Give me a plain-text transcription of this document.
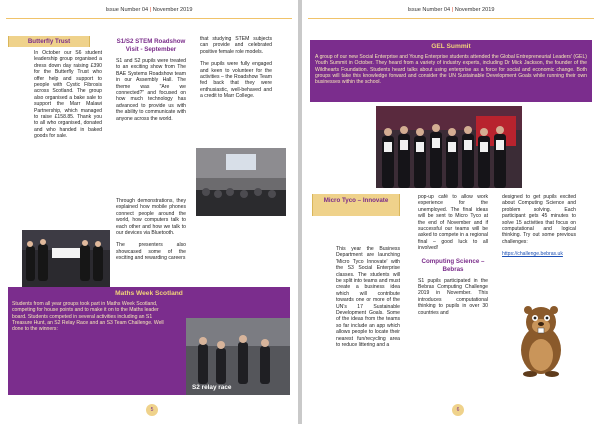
Issue Number 04 | November 2019
Butterfly Trust

In October our S6 student leadership group organised a dress down day raising £390 for the Butterfly Trust who offer help and support to people with Cystic Fibrosis across Scotland. The group also organised a bake sale to support the Marr Malawi Partnership, which managed to raise £158.85. Thank you to all who organised, donated and who handed in baked goods for sale.

S1/S2 STEM Roadshow Visit - September

S1 and S2 pupils were treated to an exciting show from The BAE Systems Roadshow team in our Assembly Hall. The theme was "Are we connected?" and focused on how much technology has advanced to provide us with the ability to communicate with anyone across the world.

Through demonstrations, they explained how mobile phones connect people around the world, how computers talk to each other and how we talk to our devices via Bluetooth.

The presenters also showcased some of the exciting and rewarding careers

that studying STEM subjects can provide and celebrated positive female role models.

The pupils were fully engaged and keen to volunteer for the activities – the Roadshow Team fed back that they were enthusiastic, well-behaved and a credit to Marr College.

Maths Week Scotland
Students from all year groups took part in Maths Week Scotland, competing for house points and to make it on to the Maths leader board. Students competed in several activities including an S1 Treasure Hunt, an S2 Relay Race and an S3 Team Challenge. Well done to the winners:
S2 relay race
5
Issue Number 04 | November 2019
GEL Summit
A group of our new Social Enterprise and Young Enterprise students attended the Global Entrepreneurial Leaders' (GEL) Youth Summit in October. They heard from a variety of industry experts, including Dr Mick Jackson, the founder of the Wildhearts Foundation. Students heard talks about using enterprise as a force for social and economic change. Both groups will take this knowledge forward and consider the UN Sustainable Development Goals while running their own businesses within the school.
Micro Tyco – Innovate

This year the Business Department are launching 'Micro Tyco Innovate' with the S3 Social Enterprise classes. The students will be split into teams and must create a business idea which will contribute towards one or more of the UN's 17 Sustainable Development Goals. Some of the ideas from the teams so far include an app which allows people to locate their nearest fun/recycling area to reduce littering and a

pop-up café to allow work experience for the unemployed. The final ideas will be sent to Micro Tyco at the end of November and if successful our teams will be asked to compete in a regional final – good luck to all involved!

Computing Science – Bebras

S1 pupils participated in the Bebras Computing Challenge 2019 in November. This introduces computational thinking to pupils in over 30 countries and

designed to get pupils excited about Computing Science and problem solving. Each participant gets 45 minutes to solve 15 activities that focus on computational and logical thinking. Try out some previous challenges:

https://challenge.bebras.uk

6
